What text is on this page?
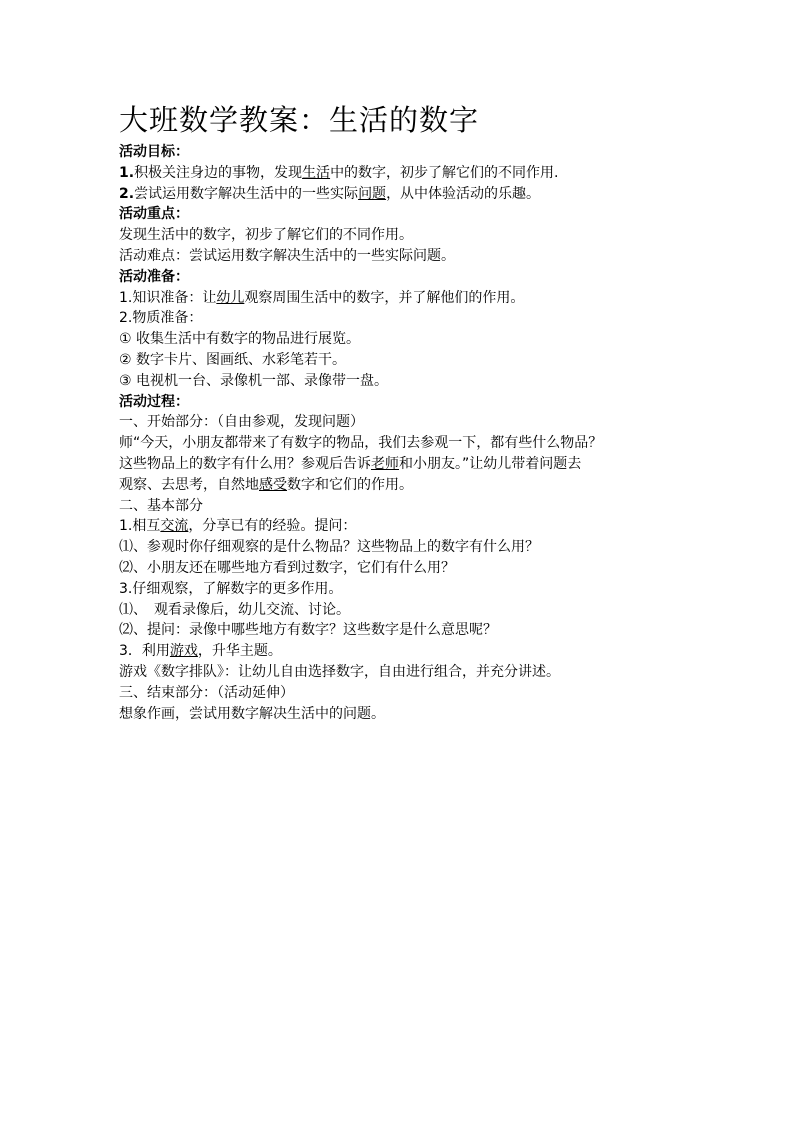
大班数学教案：生活的数字
活动目标：
1.积极关注身边的事物，发现生活中的数字，初步了解它们的不同作用.
2.尝试运用数字解决生活中的一些实际问题，从中体验活动的乐趣。
活动重点：
发现生活中的数字，初步了解它们的不同作用。
活动难点：尝试运用数字解决生活中的一些实际问题。
活动准备：
1.知识准备：让幼儿观察周围生活中的数字，并了解他们的作用。
2.物质准备：
① 收集生活中有数字的物品进行展览。
② 数字卡片、图画纸、水彩笔若干。
③ 电视机一台、录像机一部、录像带一盘。
活动过程：
一、开始部分：（自由参观，发现问题）
师“今天，小朋友都带来了有数字的物品，我们去参观一下，都有些什么物品？
这些物品上的数字有什么用？参观后告诉老师和小朋友。”让幼儿带着问题去
观察、去思考，自然地感受数字和它们的作用。
二、基本部分
1.相互交流，分享已有的经验。提问：
⑴、参观时你仔细观察的是什么物品？这些物品上的数字有什么用？
⑵、小朋友还在哪些地方看到过数字，它们有什么用？
3.仔细观察，了解数字的更多作用。
⑴、　观看录像后，幼儿交流、讨论。
⑵、提问：录像中哪些地方有数字？这些数字是什么意思呢？
3．利用游戏，升华主题。
游戏《数字排队》：让幼儿自由选择数字，自由进行组合，并充分讲述。
三、结束部分：（活动延伸）
想象作画，尝试用数字解决生活中的问题。
